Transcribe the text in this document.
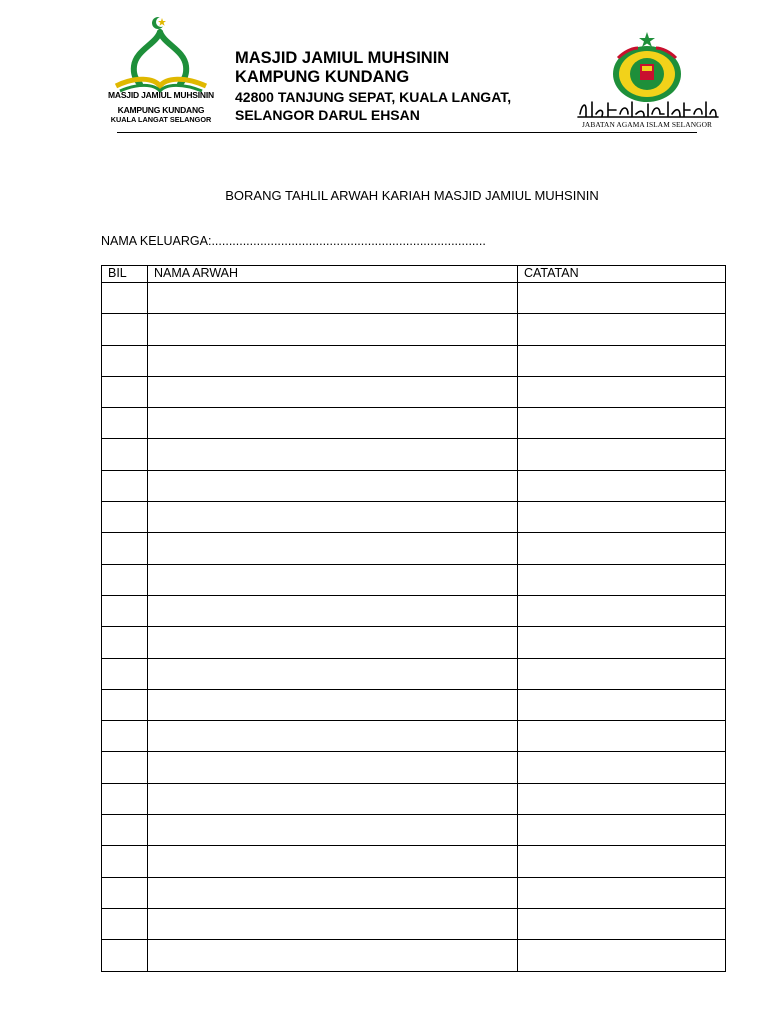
MASJID JAMIUL MUHSININ
KAMPUNG KUNDANG
KUALA LANGAT SELANGOR
MASJID JAMIUL MUHSININ
KAMPUNG KUNDANG
42800 TANJUNG SEPAT, KUALA LANGAT,
SELANGOR DARUL EHSAN
JABATAN AGAMA ISLAM SELANGOR
BORANG TAHLIL ARWAH KARIAH MASJID JAMIUL MUHSININ
NAMA KELUARGA:...............................................................................
BIL	NAMA ARWAH	CATATAN
